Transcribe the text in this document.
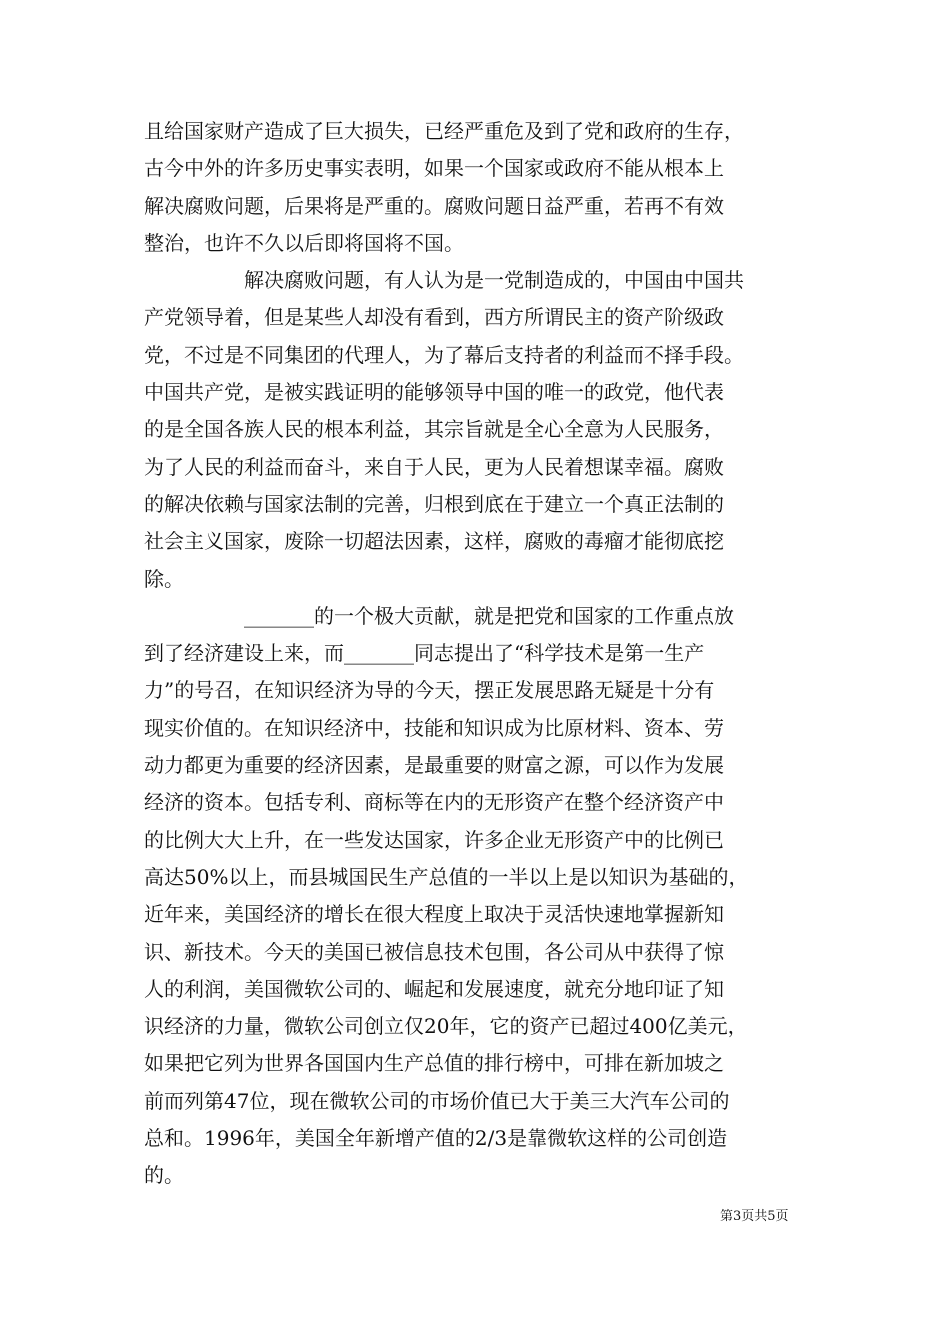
且给国家财产造成了巨大损失，已经严重危及到了党和政府的生存，
古今中外的许多历史事实表明，如果一个国家或政府不能从根本上
解决腐败问题，后果将是严重的。腐败问题日益严重，若再不有效
整治，也许不久以后即将国将不国。
解决腐败问题，有人认为是一党制造成的，中国由中国共
产党领导着，但是某些人却没有看到，西方所谓民主的资产阶级政
党，不过是不同集团的代理人，为了幕后支持者的利益而不择手段。
中国共产党，是被实践证明的能够领导中国的唯一的政党，他代表
的是全国各族人民的根本利益，其宗旨就是全心全意为人民服务，
为了人民的利益而奋斗，来自于人民，更为人民着想谋幸福。腐败
的解决依赖与国家法制的完善，归根到底在于建立一个真正法制的
社会主义国家，废除一切超法因素，这样，腐败的毒瘤才能彻底挖
除。
_______的一个极大贡献，就是把党和国家的工作重点放
到了经济建设上来，而_______同志提出了“科学技术是第一生产
力”的号召，在知识经济为导的今天，摆正发展思路无疑是十分有
现实价值的。在知识经济中，技能和知识成为比原材料、资本、劳
动力都更为重要的经济因素，是最重要的财富之源，可以作为发展
经济的资本。包括专利、商标等在内的无形资产在整个经济资产中
的比例大大上升，在一些发达国家，许多企业无形资产中的比例已
高达50%以上，而县城国民生产总值的一半以上是以知识为基础的，
近年来，美国经济的增长在很大程度上取决于灵活快速地掌握新知
识、新技术。今天的美国已被信息技术包围，各公司从中获得了惊
人的利润，美国微软公司的、崛起和发展速度，就充分地印证了知
识经济的力量，微软公司创立仅20年，它的资产已超过400亿美元，
如果把它列为世界各国国内生产总值的排行榜中，可排在新加坡之
前而列第47位，现在微软公司的市场价值已大于美三大汽车公司的
总和。1996年，美国全年新增产值的2/3是靠微软这样的公司创造
的。
第3页共5页
